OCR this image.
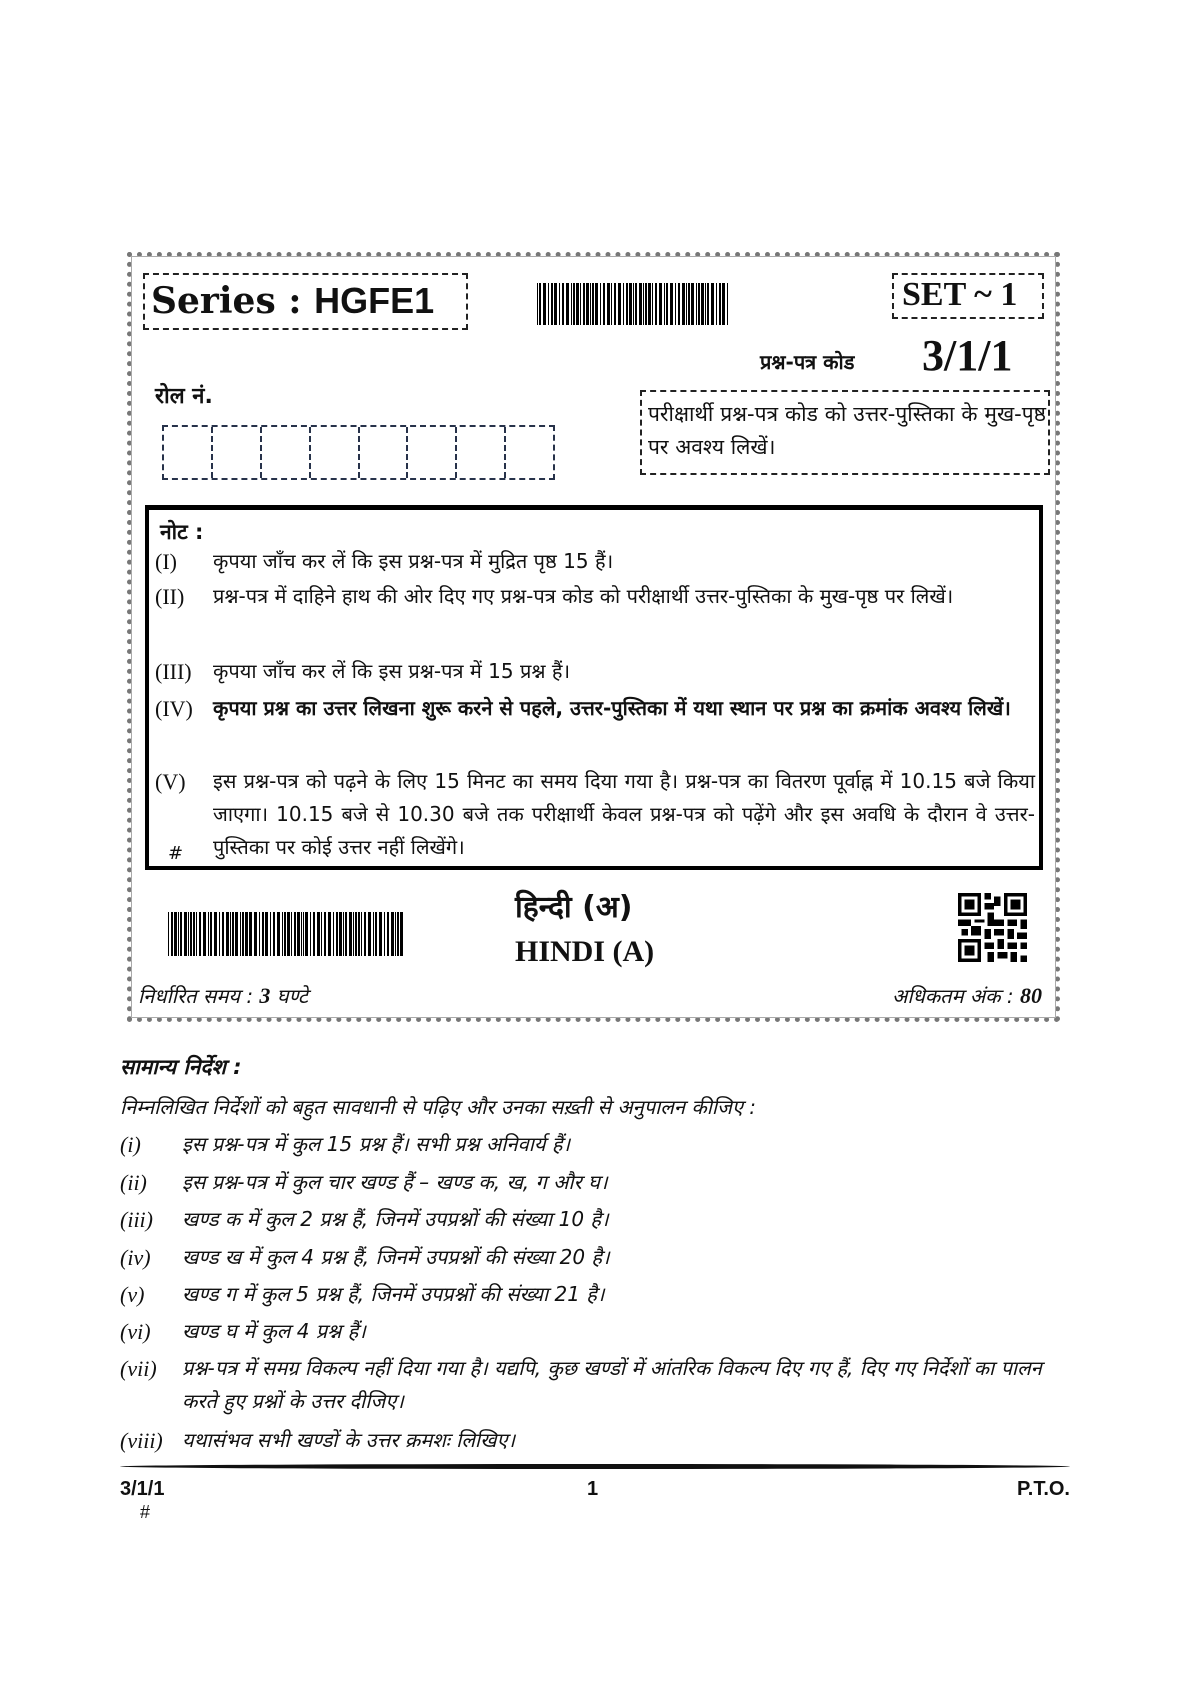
Series : HGFE1	SET ~ 1
प्रश्न-पत्र कोड 3/1/1
रोल नं.
परीक्षार्थी प्रश्न-पत्र कोड को उत्तर-पुस्तिका के मुख-पृष्ठ पर अवश्य लिखें।
नोट :
(I)	कृपया जाँच कर लें कि इस प्रश्न-पत्र में मुद्रित पृष्ठ 15 हैं।
(II)	प्रश्न-पत्र में दाहिने हाथ की ओर दिए गए प्रश्न-पत्र कोड को परीक्षार्थी उत्तर-पुस्तिका के मुख-पृष्ठ पर लिखें।
(III)	कृपया जाँच कर लें कि इस प्रश्न-पत्र में 15 प्रश्न हैं।
(IV)	कृपया प्रश्न का उत्तर लिखना शुरू करने से पहले, उत्तर-पुस्तिका में यथा स्थान पर प्रश्न का क्रमांक अवश्य लिखें।
(V)	इस प्रश्न-पत्र को पढ़ने के लिए 15 मिनट का समय दिया गया है। प्रश्न-पत्र का वितरण पूर्वाह्न में 10.15 बजे किया जाएगा। 10.15 बजे से 10.30 बजे तक परीक्षार्थी केवल प्रश्न-पत्र को पढ़ेंगे और इस अवधि के दौरान वे उत्तर-पुस्तिका पर कोई उत्तर नहीं लिखेंगे।
#
हिन्दी (अ)
HINDI (A)
निर्धारित समय : 3 घण्टे	अधिकतम अंक : 80
सामान्य निर्देश :
निम्नलिखित निर्देशों को बहुत सावधानी से पढ़िए और उनका सख़्ती से अनुपालन कीजिए :
(i)	इस प्रश्न-पत्र में कुल 15 प्रश्न हैं। सभी प्रश्न अनिवार्य हैं।
(ii)	इस प्रश्न-पत्र में कुल चार खण्ड हैं – खण्ड क, ख, ग और घ।
(iii)	खण्ड क में कुल 2 प्रश्न हैं, जिनमें उपप्रश्नों की संख्या 10 है।
(iv)	खण्ड ख में कुल 4 प्रश्न हैं, जिनमें उपप्रश्नों की संख्या 20 है।
(v)	खण्ड ग में कुल 5 प्रश्न हैं, जिनमें उपप्रश्नों की संख्या 21 है।
(vi)	खण्ड घ में कुल 4 प्रश्न हैं।
(vii)	प्रश्न-पत्र में समग्र विकल्प नहीं दिया गया है। यद्यपि, कुछ खण्डों में आंतरिक विकल्प दिए गए हैं, दिए गए निर्देशों का पालन करते हुए प्रश्नों के उत्तर दीजिए।
(viii) यथासंभव सभी खण्डों के उत्तर क्रमशः लिखिए।
3/1/1
#
1	P.T.O.
